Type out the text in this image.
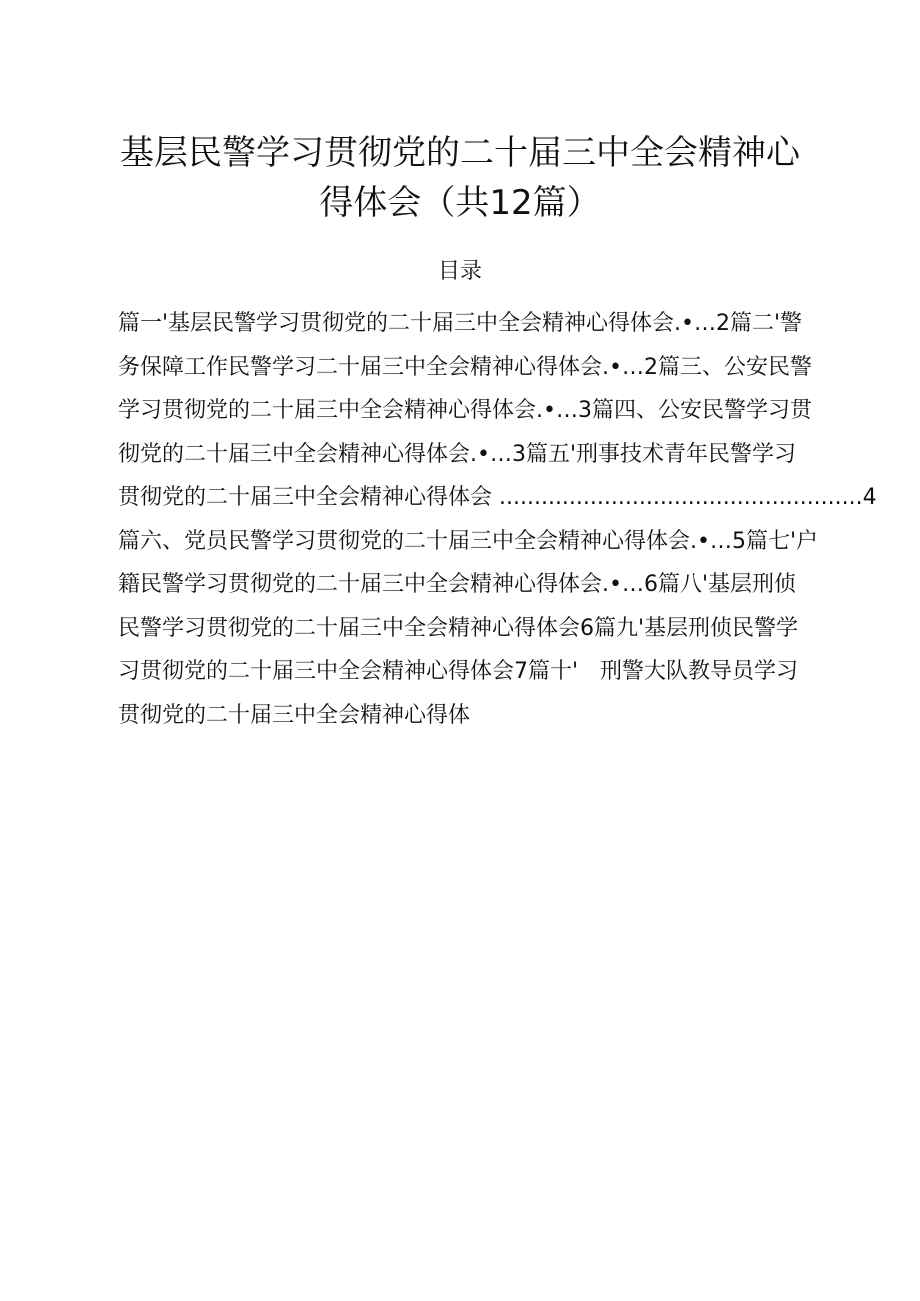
基层民警学习贯彻党的二十届三中全会精神心
得体会（共12篇）
目录
篇一'基层民警学习贯彻党的二十届三中全会精神心得体会.•…2篇二'警
务保障工作民警学习二十届三中全会精神心得体会.•…2篇三、公安民警
学习贯彻党的二十届三中全会精神心得体会.•…3篇四、公安民警学习贯
彻党的二十届三中全会精神心得体会.•…3篇五'刑事技术青年民警学习
贯彻党的二十届三中全会精神心得体会 ....................................................4
篇六、党员民警学习贯彻党的二十届三中全会精神心得体会.•…5篇七'户
籍民警学习贯彻党的二十届三中全会精神心得体会.•…6篇八'基层刑侦
民警学习贯彻党的二十届三中全会精神心得体会6篇九'基层刑侦民警学
习贯彻党的二十届三中全会精神心得体会7篇十'　刑警大队教导员学习
贯彻党的二十届三中全会精神心得体
